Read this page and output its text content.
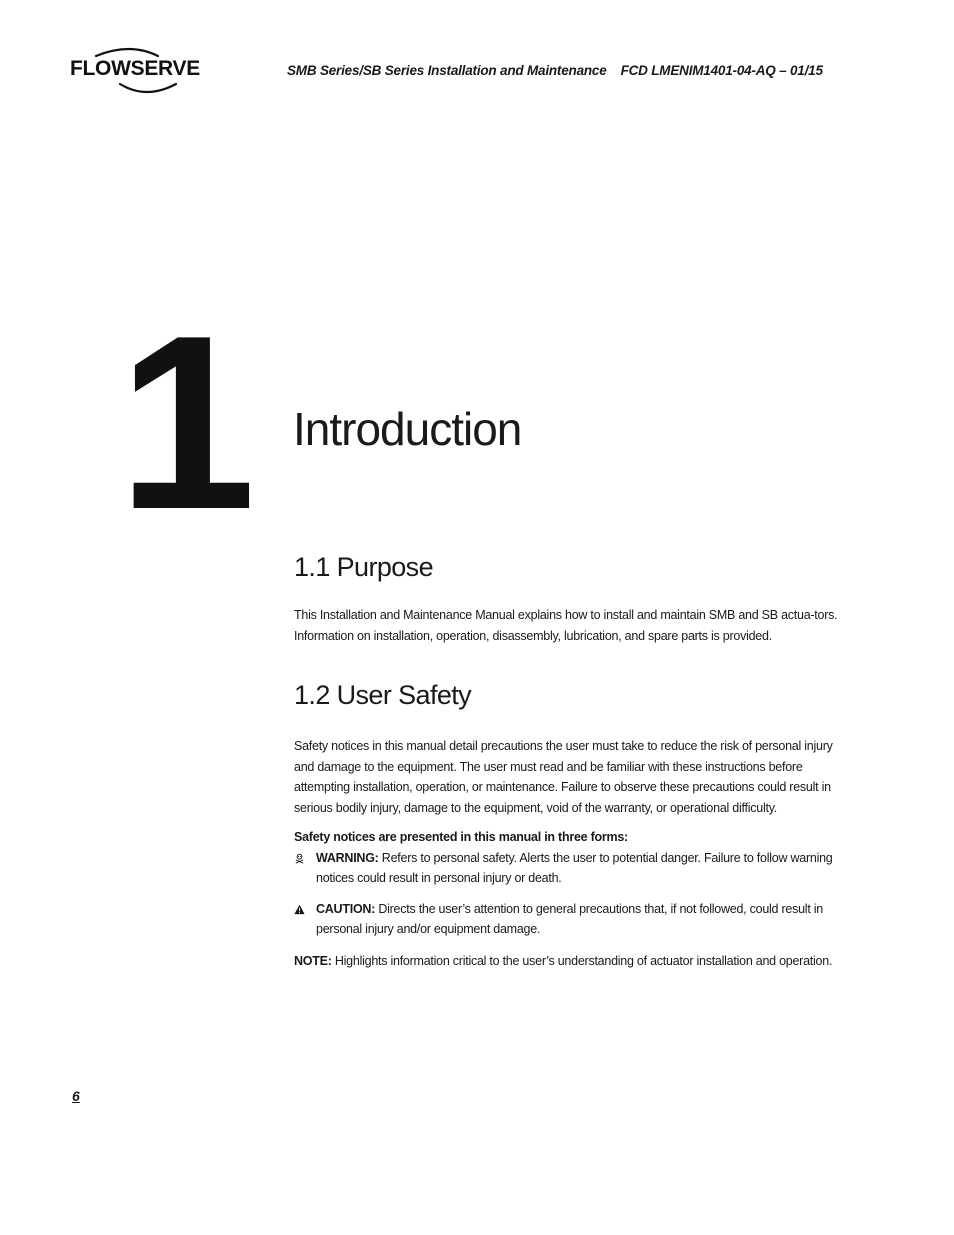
FLOWSERVE	SMB Series/SB Series Installation and Maintenance FCD LMENIM1401-04-AQ – 01/15
1 Introduction
1.1 Purpose

This Installation and Maintenance Manual explains how to install and maintain SMB and SB actua-tors. Information on installation, operation, disassembly, lubrication, and spare parts is provided.

1.2 User Safety

Safety notices in this manual detail precautions the user must take to reduce the risk of personal injury and damage to the equipment. The user must read and be familiar with these instructions before attempting installation, operation, or maintenance. Failure to observe these precautions could result in serious bodily injury, damage to the equipment, void of the warranty, or operational difficulty.

Safety notices are presented in this manual in three forms:

WARNING: Refers to personal safety. Alerts the user to potential danger. Failure to follow warning notices could result in personal injury or death.

CAUTION: Directs the user’s attention to general precautions that, if not followed, could result in personal injury and/or equipment damage.

NOTE: Highlights information critical to the user’s understanding of actuator installation and operation.

6
